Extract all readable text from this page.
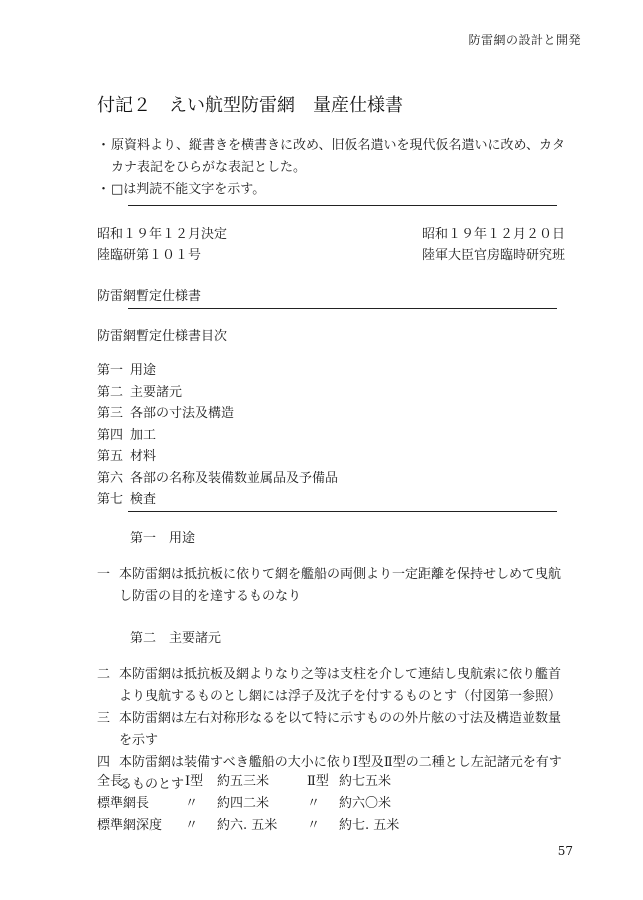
防雷網の設計と開発
付記２　えい航型防雷網　量産仕様書
・ 原資料より、縦書きを横書きに改め、旧仮名遣いを現代仮名遣いに改め、カタカナ表記をひらがな表記とした。
・ □は判読不能文字を示す。
昭和１９年１２月決定
陸臨研第１０１号
昭和１９年１２月２０日
陸軍大臣官房臨時研究班
防雷網暫定仕様書
防雷網暫定仕様書目次
第一 用途
第二 主要諸元
第三 各部の寸法及構造
第四 加工
第五 材料
第六 各部の名称及装備数並属品及予備品
第七 検査
第一　用途
一 本防雷網は抵抗板に依りて網を艦船の両側より一定距離を保持せしめて曳航し防雷の目的を達するものなり
第二　主要諸元
二 本防雷網は抵抗板及網よりなり之等は支柱を介して連結し曳航索に依り艦首より曳航するものとし網には浮子及沈子を付するものとす（付図第一参照）
三 本防雷網は左右対称形なるを以て特に示すものの外片舷の寸法及構造並数量を示す
四 本防雷網は装備すべき艦船の大小に依りⅠ型及Ⅱ型の二種とし左記諸元を有するものとす
全長	Ⅰ型 約五三米	Ⅱ型 約七五米
標準網長	〃 約四二米	〃 約六〇米
標準網深度 〃 約六. 五米 〃 約七. 五米
57
